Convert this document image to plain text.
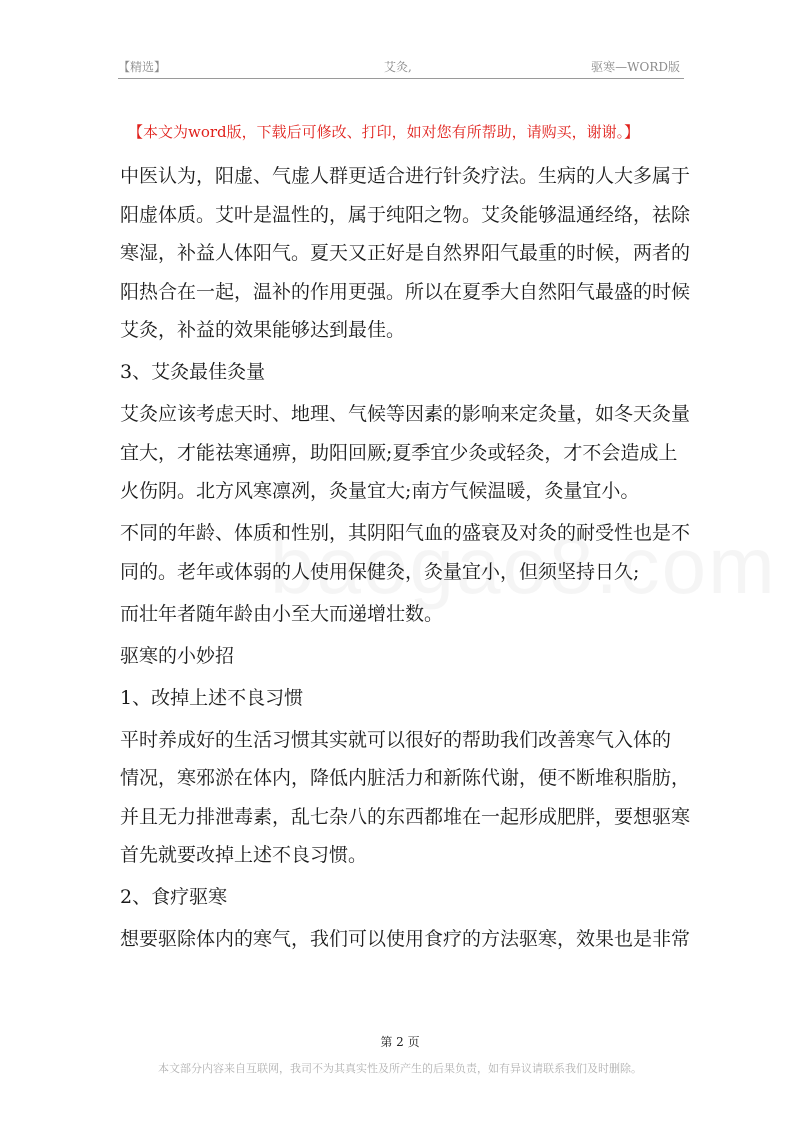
【精选】	艾灸,	驱寒—WORD版
【本文为word版，下载后可修改、打印，如对您有所帮助，请购买，谢谢。】

中医认为，阳虚、气虚人群更适合进行针灸疗法。生病的人大多属于

阳虚体质。艾叶是温性的，属于纯阳之物。艾灸能够温通经络，祛除

寒湿，补益人体阳气。夏天又正好是自然界阳气最重的时候，两者的

阳热合在一起，温补的作用更强。所以在夏季大自然阳气最盛的时候

艾灸，补益的效果能够达到最佳。

3、艾灸最佳灸量

艾灸应该考虑天时、地理、气候等因素的影响来定灸量，如冬天灸量

宜大，才能祛寒通痹，助阳回厥;夏季宜少灸或轻灸，才不会造成上

火伤阴。北方风寒凛冽，灸量宜大;南方气候温暖，灸量宜小。

不同的年龄、体质和性别，其阴阳气血的盛衰及对灸的耐受性也是不

同的。老年或体弱的人使用保健灸，灸量宜小，但须坚持日久;

而壮年者随年龄由小至大而递增壮数。

驱寒的小妙招

1、改掉上述不良习惯

平时养成好的生活习惯其实就可以很好的帮助我们改善寒气入体的

情况，寒邪淤在体内，降低内脏活力和新陈代谢，便不断堆积脂肪，

并且无力排泄毒素，乱七杂八的东西都堆在一起形成肥胖，要想驱寒

首先就要改掉上述不良习惯。

2、食疗驱寒

想要驱除体内的寒气，我们可以使用食疗的方法驱寒，效果也是非常

第 2 页
本文部分内容来自互联网，我司不为其真实性及所产生的后果负责，如有异议请联系我们及时删除。
